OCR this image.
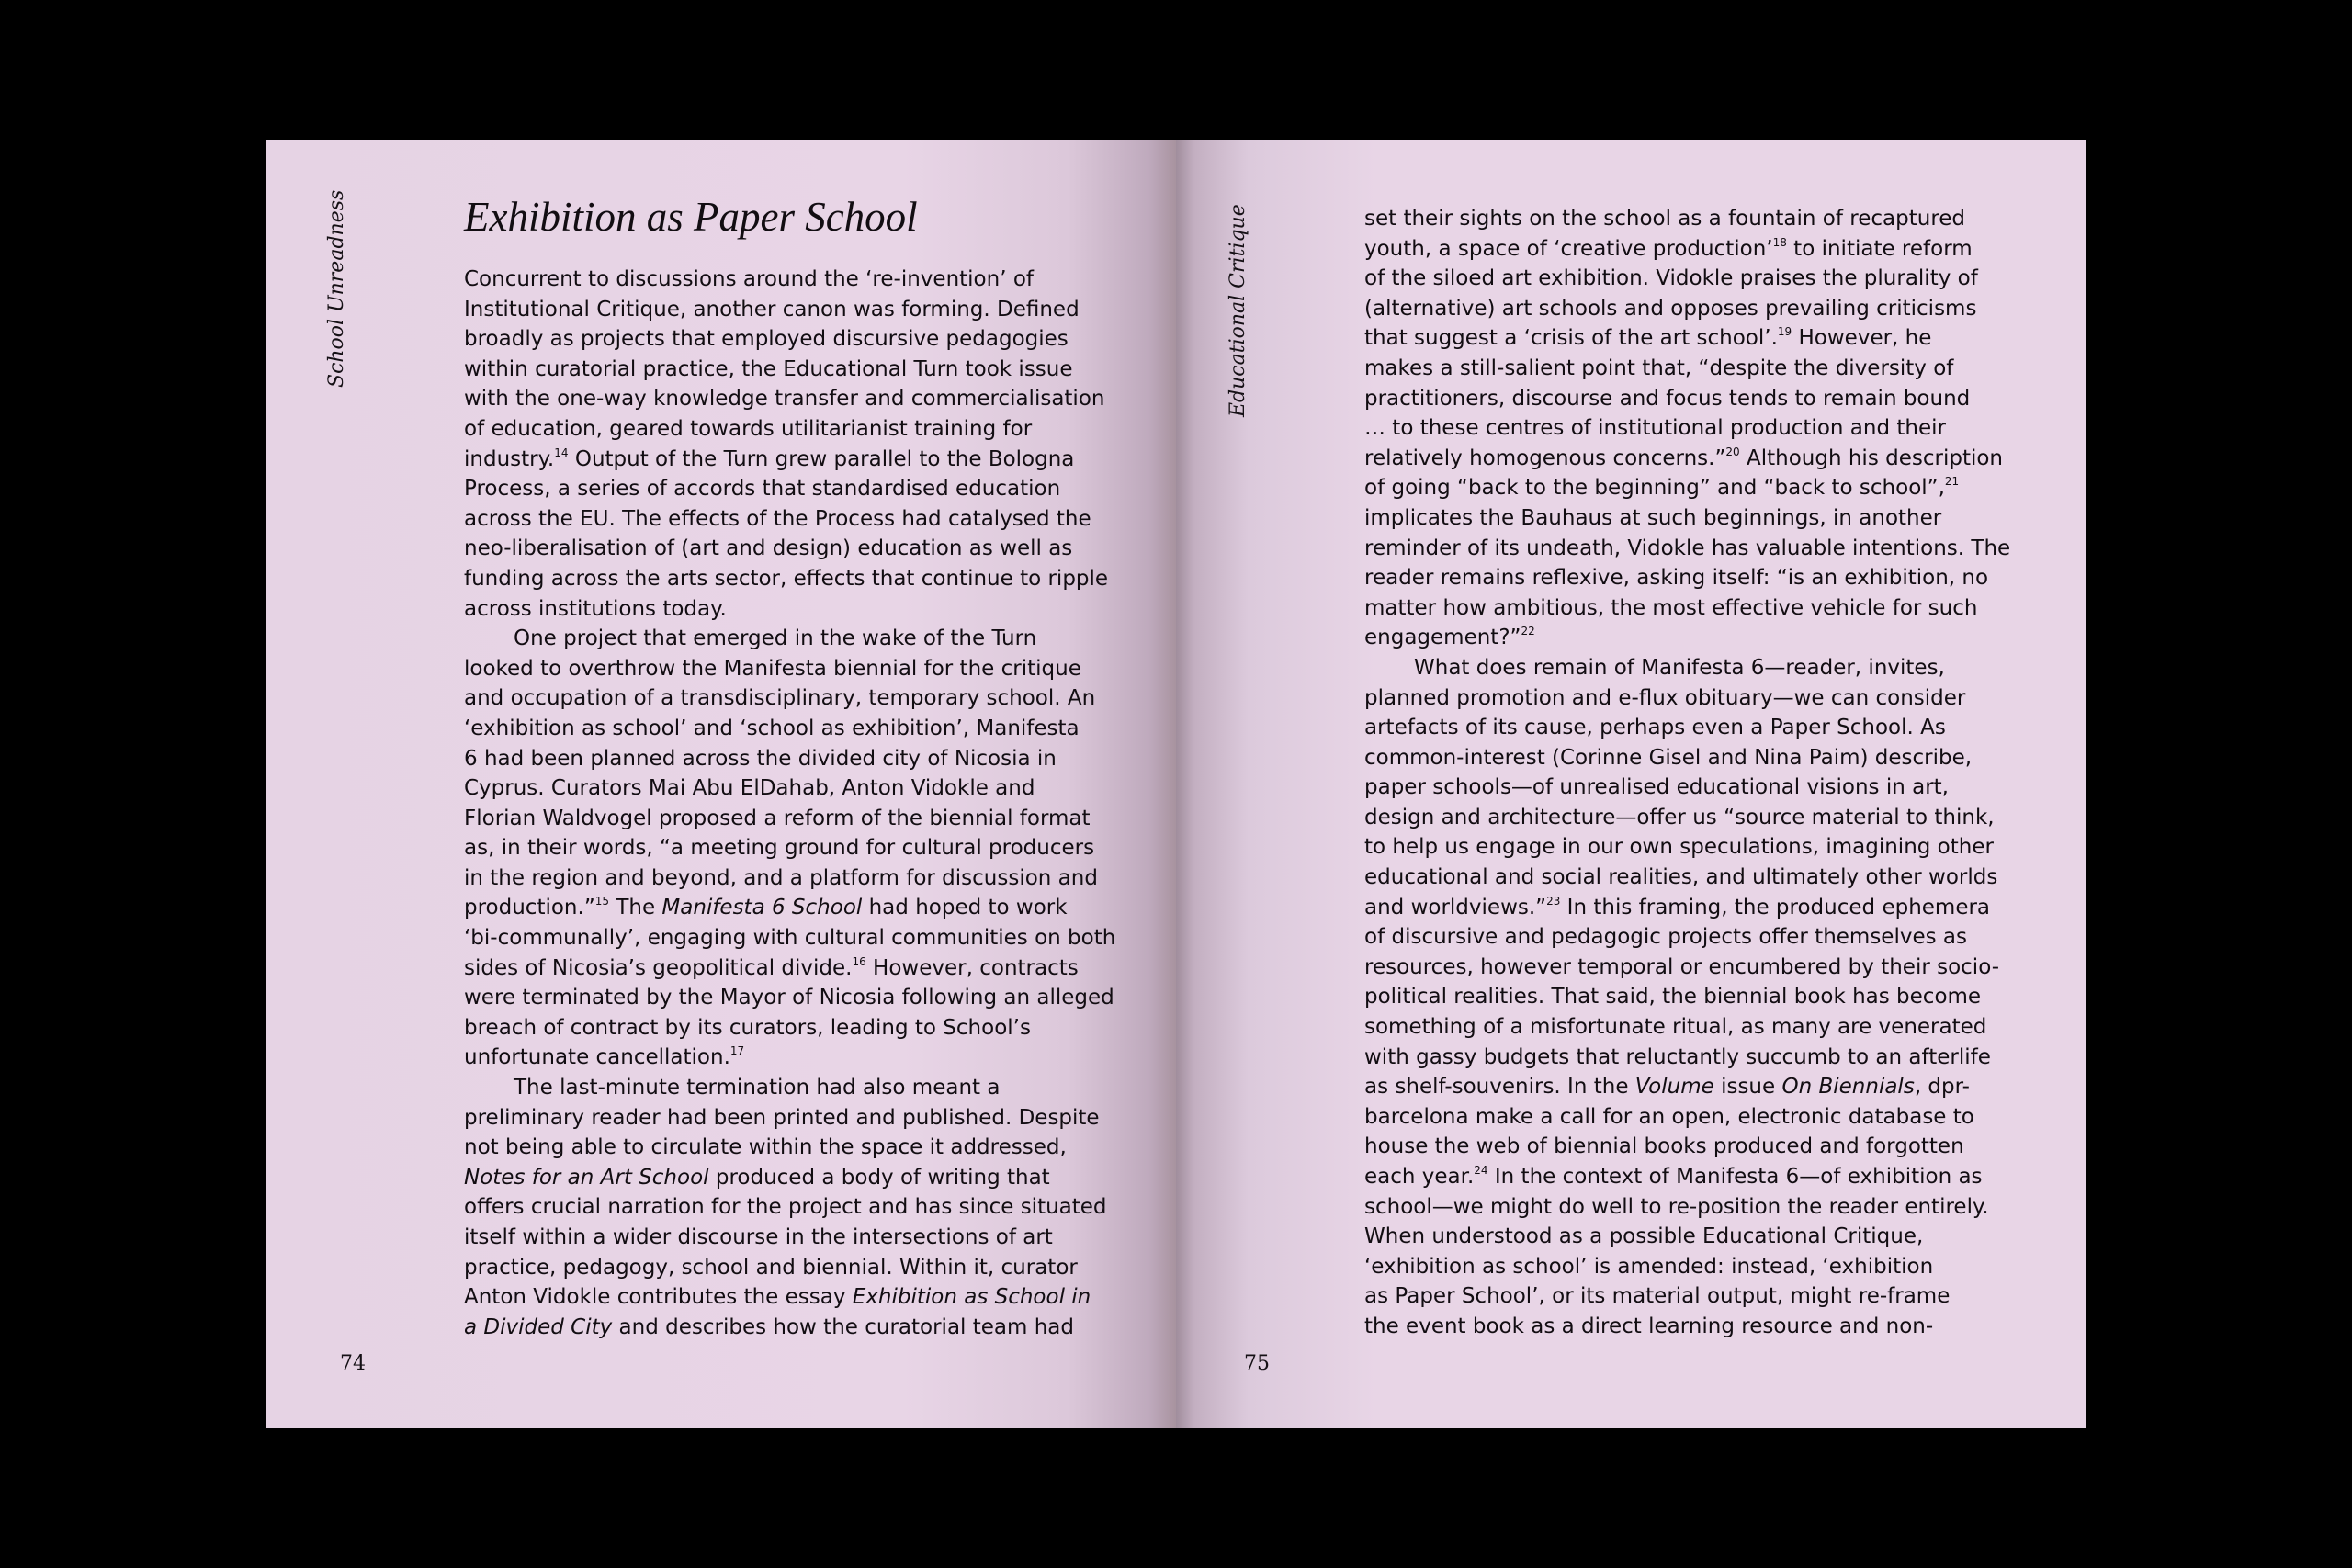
School Unreadness	Exhibition as Paper School
Concurrent to discussions around the ‘re-invention’ of
Institutional Critique, another canon was forming. Defined
broadly as projects that employed discursive pedagogies
within curatorial practice, the Educational Turn took issue
with the one-way knowledge transfer and commercialisation
of education, geared towards utilitarianist training for
industry.$^{14}$ Output of the Turn grew parallel to the Bologna
Process, a series of accords that standardised education
across the EU. The effects of the Process had catalysed the
neo-liberalisation of (art and design) education as well as
funding across the arts sector, effects that continue to ripple
across institutions today.
One project that emerged in the wake of the Turn
looked to overthrow the Manifesta biennial for the critique
and occupation of a transdisciplinary, temporary school. An
‘exhibition as school’ and ‘school as exhibition’, Manifesta
6 had been planned across the divided city of Nicosia in
Cyprus. Curators Mai Abu ElDahab, Anton Vidokle and
Florian Waldvogel proposed a reform of the biennial format
as, in their words, “a meeting ground for cultural producers
in the region and beyond, and a platform for discussion and
production.”$^{15}$ The Manifesta 6 School had hoped to work
‘bi-communally’, engaging with cultural communities on both
sides of Nicosia’s geopolitical divide.$^{16}$ However, contracts
were terminated by the Mayor of Nicosia following an alleged
breach of contract by its curators, leading to School’s
unfortunate cancellation.$^{17}$
The last-minute termination had also meant a
preliminary reader had been printed and published. Despite
not being able to circulate within the space it addressed,
Notes for an Art School produced a body of writing that
offers crucial narration for the project and has since situated
itself within a wider discourse in the intersections of art
practice, pedagogy, school and biennial. Within it, curator
Anton Vidokle contributes the essay Exhibition as School in
a Divided City and describes how the curatorial team had
74
Educational Critique	set their sights on the school as a fountain of recaptured
youth, a space of ‘creative production’$^{18}$ to initiate reform
of the siloed art exhibition. Vidokle praises the plurality of
(alternative) art schools and opposes prevailing criticisms
that suggest a ‘crisis of the art school’.$^{19}$ However, he
makes a still-salient point that, “despite the diversity of
practitioners, discourse and focus tends to remain bound
… to these centres of institutional production and their
relatively homogenous concerns.”$^{20}$ Although his description
of going “back to the beginning” and “back to school”,$^{21}$
implicates the Bauhaus at such beginnings, in another
reminder of its undeath, Vidokle has valuable intentions. The
reader remains reflexive, asking itself: “is an exhibition, no
matter how ambitious, the most effective vehicle for such
engagement?”$^{22}$
What does remain of Manifesta 6—reader, invites,
planned promotion and e-flux obituary—we can consider
artefacts of its cause, perhaps even a Paper School. As
common-interest (Corinne Gisel and Nina Paim) describe,
paper schools—of unrealised educational visions in art,
design and architecture—offer us “source material to think,
to help us engage in our own speculations, imagining other
educational and social realities, and ultimately other worlds
and worldviews.”$^{23}$ In this framing, the produced ephemera
of discursive and pedagogic projects offer themselves as
resources, however temporal or encumbered by their socio-
political realities. That said, the biennial book has become
something of a misfortunate ritual, as many are venerated
with gassy budgets that reluctantly succumb to an afterlife
as shelf-souvenirs. In the Volume issue On Biennials, dpr-
barcelona make a call for an open, electronic database to
house the web of biennial books produced and forgotten
each year.$^{24}$ In the context of Manifesta 6—of exhibition as
school—we might do well to re-position the reader entirely.
When understood as a possible Educational Critique,
‘exhibition as school’ is amended: instead, ‘exhibition
as Paper School’, or its material output, might re-frame
the event book as a direct learning resource and non-
75
